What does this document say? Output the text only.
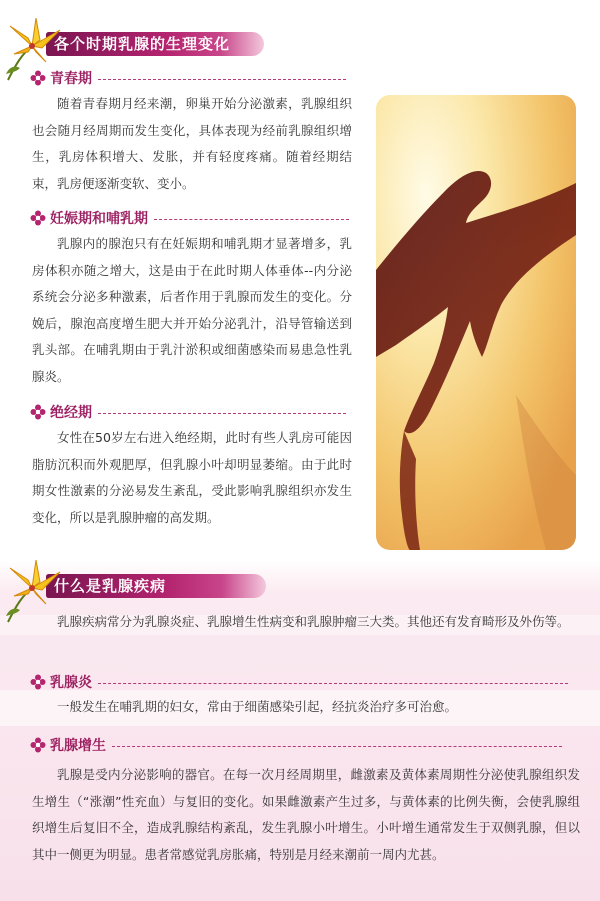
各个时期乳腺的生理变化
青春期

随着青春期月经来潮，卵巢开始分泌激素，乳腺组织也会随月经周期而发生变化，具体表现为经前乳腺组织增生，乳房体积增大、发胀，并有轻度疼痛。随着经期结束，乳房便逐渐变软、变小。

妊娠期和哺乳期

乳腺内的腺泡只有在妊娠期和哺乳期才显著增多，乳房体积亦随之增大，这是由于在此时期人体垂体--内分泌系统会分泌多种激素，后者作用于乳腺而发生的变化。分娩后，腺泡高度增生肥大并开始分泌乳汁，沿导管输送到乳头部。在哺乳期由于乳汁淤积或细菌感染而易患急性乳腺炎。

绝经期

女性在50岁左右进入绝经期，此时有些人乳房可能因脂肪沉积而外观肥厚，但乳腺小叶却明显萎缩。由于此时期女性激素的分泌易发生紊乱，受此影响乳腺组织亦发生变化，所以是乳腺肿瘤的高发期。

什么是乳腺疾病

乳腺疾病常分为乳腺炎症、乳腺增生性病变和乳腺肿瘤三大类。其他还有发育畸形及外伤等。

乳腺炎

一般发生在哺乳期的妇女，常由于细菌感染引起，经抗炎治疗多可治愈。

乳腺增生

乳腺是受内分泌影响的器官。在每一次月经周期里，雌激素及黄体素周期性分泌使乳腺组织发生增生（“涨潮”性充血）与复旧的变化。如果雌激素产生过多，与黄体素的比例失衡，会使乳腺组织增生后复旧不全，造成乳腺结构紊乱，发生乳腺小叶增生。小叶增生通常发生于双侧乳腺，但以其中一侧更为明显。患者常感觉乳房胀痛，特别是月经来潮前一周内尤甚。
